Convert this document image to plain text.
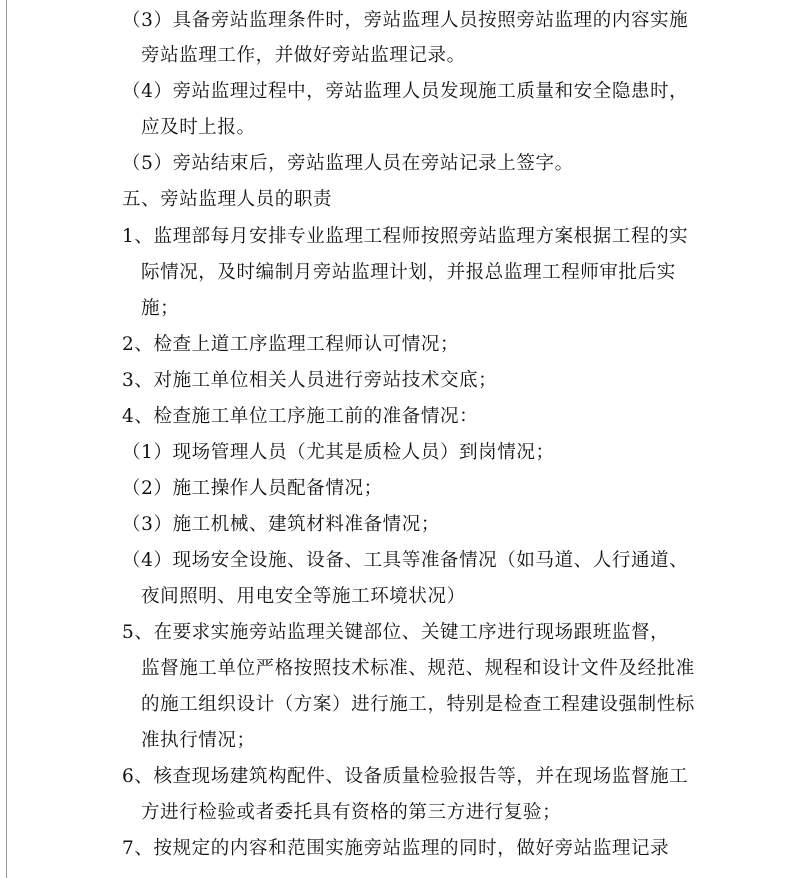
（3）具备旁站监理条件时，旁站监理人员按照旁站监理的内容实施
旁站监理工作，并做好旁站监理记录。
（4）旁站监理过程中，旁站监理人员发现施工质量和安全隐患时，
应及时上报。
（5）旁站结束后，旁站监理人员在旁站记录上签字。
五、旁站监理人员的职责
1、监理部每月安排专业监理工程师按照旁站监理方案根据工程的实
际情况，及时编制月旁站监理计划，并报总监理工程师审批后实
施；
2、检查上道工序监理工程师认可情况；
3、对施工单位相关人员进行旁站技术交底；
4、检查施工单位工序施工前的准备情况：
（1）现场管理人员（尤其是质检人员）到岗情况；
（2）施工操作人员配备情况；
（3）施工机械、建筑材料准备情况；
（4）现场安全设施、设备、工具等准备情况（如马道、人行通道、
夜间照明、用电安全等施工环境状况）
5、在要求实施旁站监理关键部位、关键工序进行现场跟班监督，
监督施工单位严格按照技术标准、规范、规程和设计文件及经批准
的施工组织设计（方案）进行施工，特别是检查工程建设强制性标
准执行情况；
6、核查现场建筑构配件、设备质量检验报告等，并在现场监督施工
方进行检验或者委托具有资格的第三方进行复验；
7、按规定的内容和范围实施旁站监理的同时，做好旁站监理记录
